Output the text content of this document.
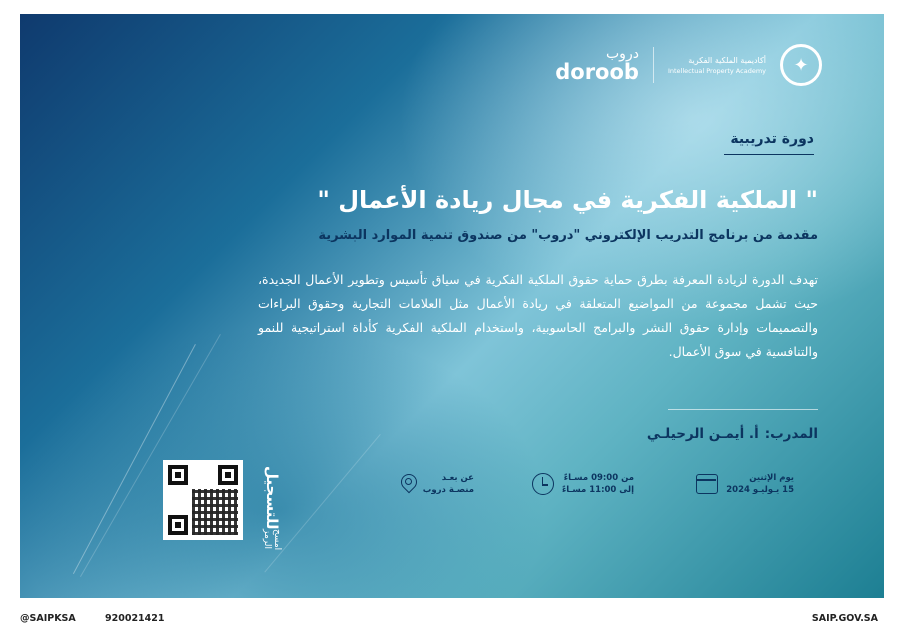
دروب
doroob	أكاديمية الملكية الفكرية
Intellectual Property Academy	✦
دورة تدريبية
" الملكية الفكرية في مجال ريادة الأعمال "
مقدمة من برنامج التدريب الإلكتروني "دروب" من صندوق تنمية الموارد البشرية
تهدف الدورة لزيادة المعرفة بطرق حماية حقوق الملكية الفكرية في سياق تأسيس وتطوير الأعمال الجديدة، حيث تشمل مجموعة من المواضيع المتعلقة في ريادة الأعمال مثل العلامات التجارية وحقوق البراءات والتصميمات وإدارة حقوق النشر والبرامج الحاسوبية، واستخدام الملكية الفكرية كأداة استراتيجية للنمو والتنافسية في سوق الأعمال.
المدرب:
أ. أيمـن الرحيلـي
يوم الإثنين
15 يـوليـو 2024
من 09:00 مسـاءً
إلى 11:00 مسـاءً
عن بعـد
منصـة دروب
للتسجيل
امسح الرمز
@SAIPKSA	920021421	SAIP.GOV.SA
